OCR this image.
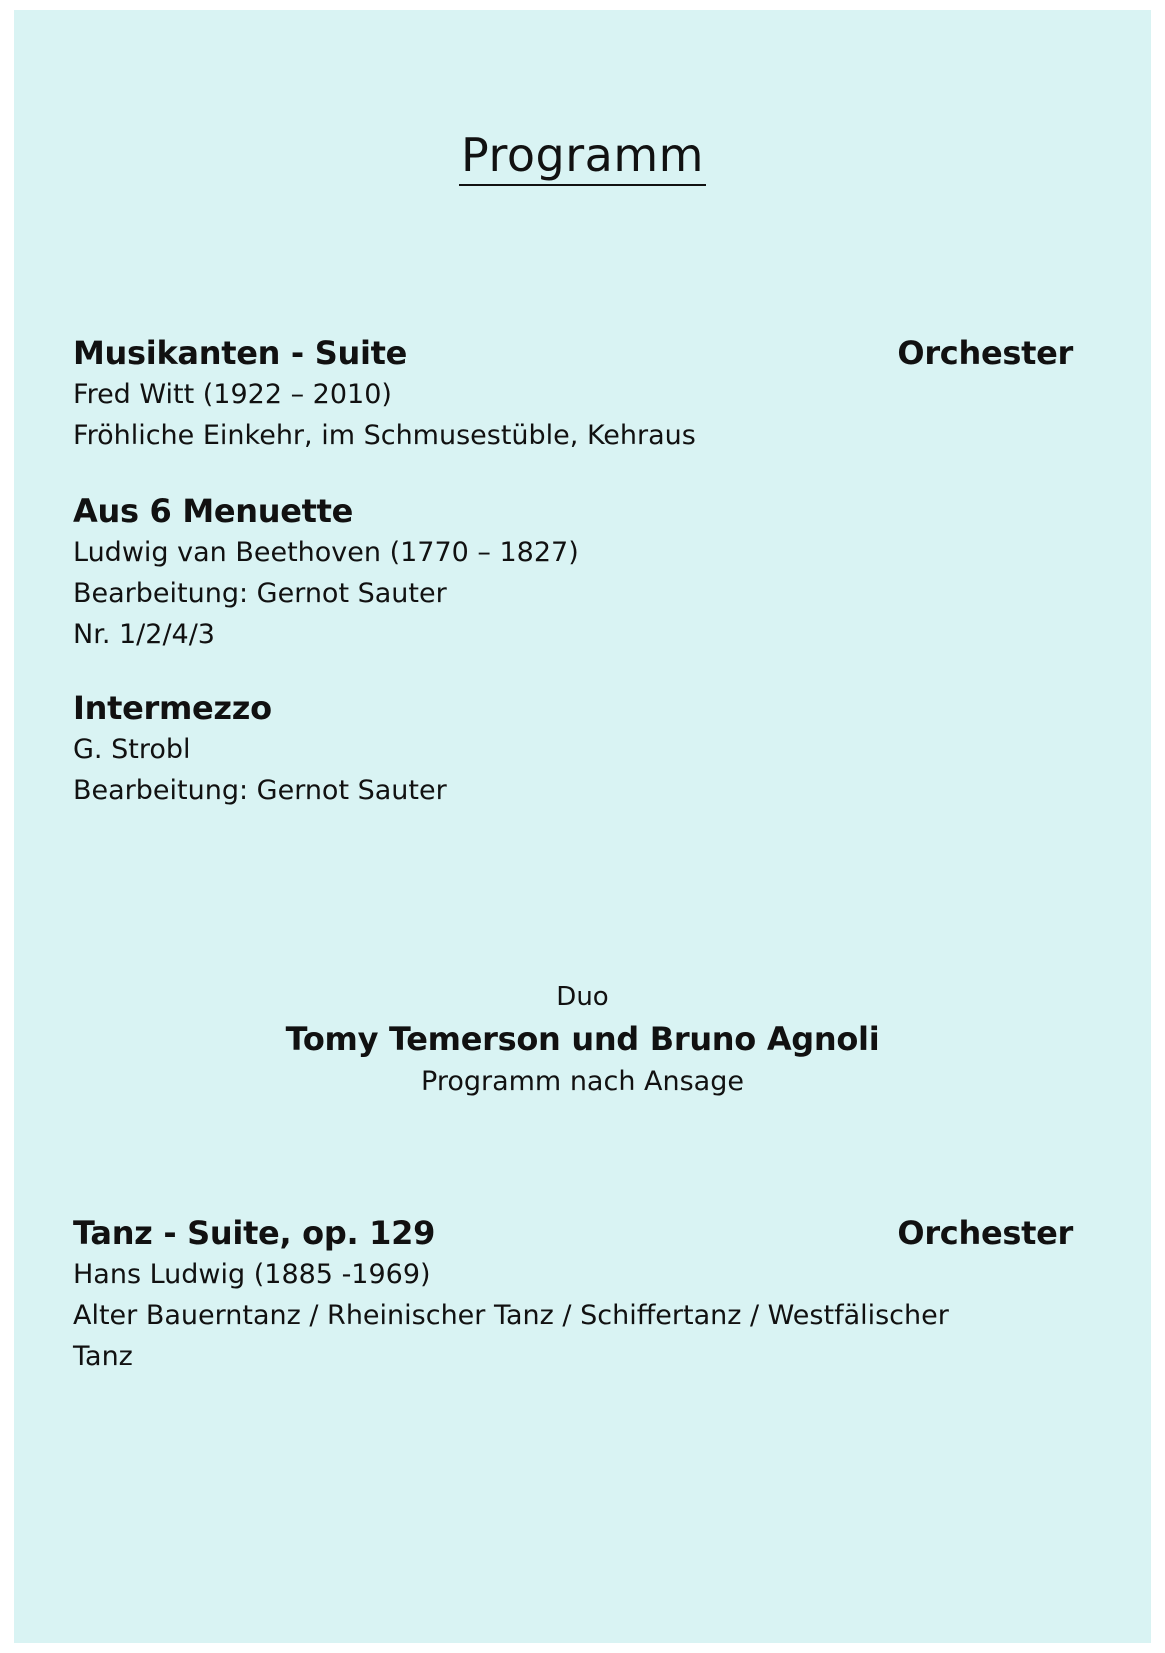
Programm
Musikanten - Suite	Orchester
Fred Witt (1922 – 2010)
Fröhliche Einkehr, im Schmusestüble, Kehraus
Aus 6 Menuette
Ludwig van Beethoven (1770 – 1827)
Bearbeitung: Gernot Sauter
Nr. 1/2/4/3
Intermezzo
G. Strobl
Bearbeitung: Gernot Sauter
Duo
Tomy Temerson und Bruno Agnoli
Programm nach Ansage
Tanz - Suite, op. 129	Orchester
Hans Ludwig (1885 -1969)
Alter Bauerntanz / Rheinischer Tanz / Schiffertanz / Westfälischer
Tanz
